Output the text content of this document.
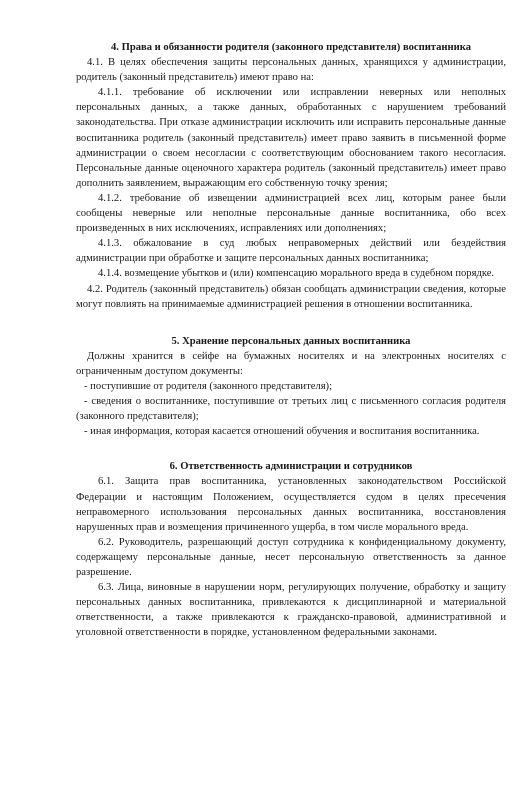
4. Права и обязанности родителя (законного представителя) воспитанника

4.1. В целях обеспечения защиты персональных данных, хранящихся у администрации, родитель (законный представитель) имеют право на:

4.1.1. требование об исключении или исправлении неверных или неполных персональных данных, а также данных, обработанных с нарушением требований законодательства. При отказе администрации исключить или исправить персональные данные воспитанника родитель (законный представитель) имеет право заявить в письменной форме администрации о своем несогласии с соответствующим обоснованием такого несогласия. Персональные данные оценочного характера родитель (законный представитель) имеет право дополнить заявлением, выражающим его собственную точку зрения;

4.1.2. требование об извещении администрацией всех лиц, которым ранее были сообщены неверные или неполные персональные данные воспитанника, обо всех произведенных в них исключениях, исправлениях или дополнениях;

4.1.3. обжалование в суд любых неправомерных действий или бездействия администрации при обработке и защите персональных данных воспитанника;

4.1.4. возмещение убытков и (или) компенсацию морального вреда в судебном порядке.

4.2. Родитель (законный представитель) обязан сообщать администрации сведения, которые могут повлиять на принимаемые администрацией решения в отношении воспитанника.

5. Хранение персональных данных воспитанника

Должны хранится в сейфе на бумажных носителях и на электронных носителях с ограниченным доступом документы:

- поступившие от родителя (законного представителя);

- сведения о воспитаннике, поступившие от третьих лиц с письменного согласия родителя (законного представителя);

- иная информация, которая касается отношений обучения и воспитания воспитанника.

6. Ответственность администрации и сотрудников

6.1. Защита прав воспитанника, установленных законодательством Российской Федерации и настоящим Положением, осуществляется судом в целях пресечения неправомерного использования персональных данных воспитанника, восстановления нарушенных прав и возмещения причиненного ущерба, в том числе морального вреда.

6.2. Руководитель, разрешающий доступ сотрудника к конфиденциальному документу, содержащему персональные данные, несет персональную ответственность за данное разрешение.

6.3. Лица, виновные в нарушении норм, регулирующих получение, обработку и защиту персональных данных воспитанника, привлекаются к дисциплинарной и материальной ответственности, а также привлекаются к гражданско-правовой, административной и уголовной ответственности в порядке, установленном федеральными законами.
